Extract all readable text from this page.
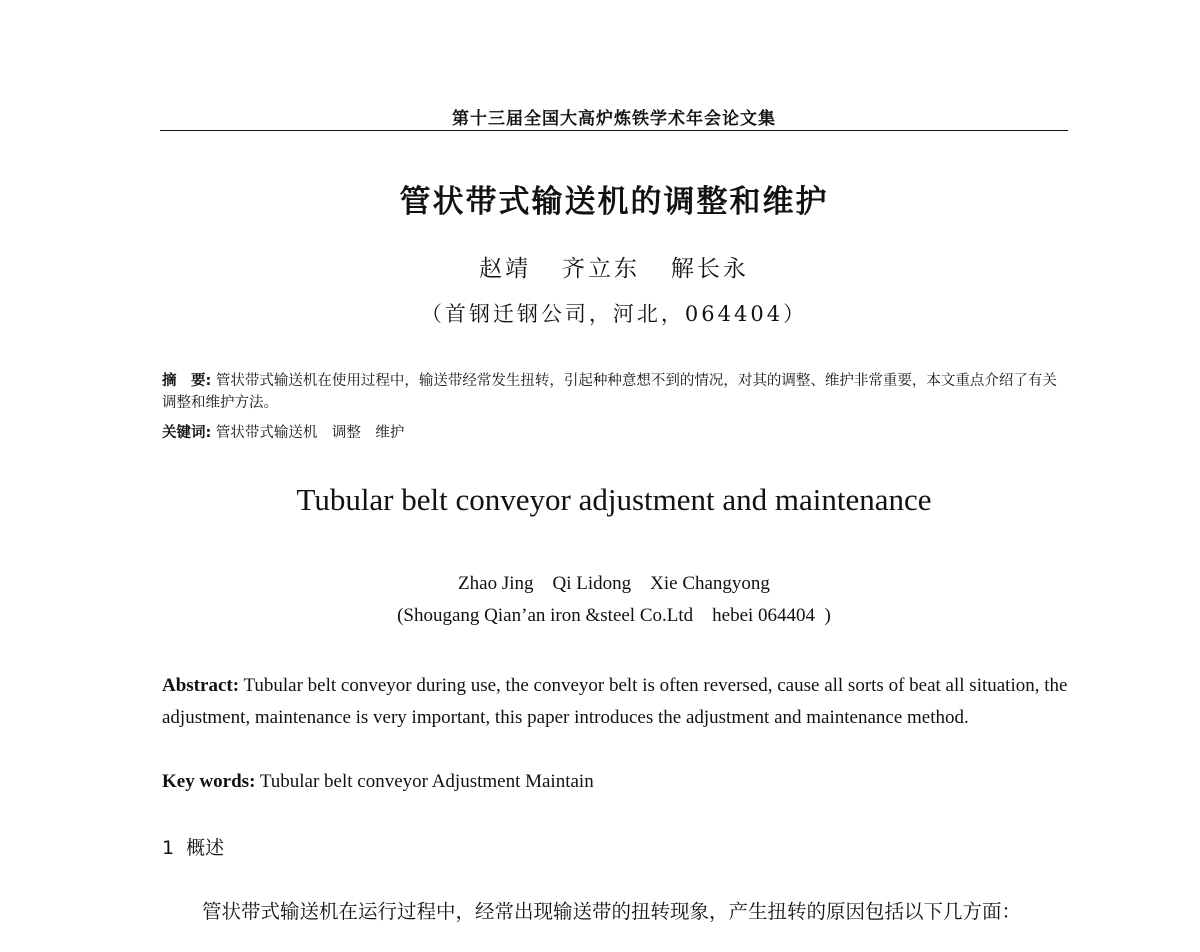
第十三届全国大高炉炼铁学术年会论文集
管状带式输送机的调整和维护
赵靖   齐立东   解长永
（首钢迁钢公司，河北，064404）
摘　要: 管状带式输送机在使用过程中，输送带经常发生扭转，引起种种意想不到的情况，对其的调整、维护非常重要，本文重点介绍了有关调整和维护方法。
关键词: 管状带式输送机　调整　维护
Tubular belt conveyor adjustment and maintenance
Zhao Jing    Qi Lidong    Xie Changyong
(Shougang Qian’an iron &steel Co.Ltd    hebei 064404  )
Abstract: Tubular belt conveyor during use, the conveyor belt is often reversed, cause all sorts of beat all situation, the adjustment, maintenance is very important, this paper introduces the adjustment and maintenance method.
Key words: Tubular belt conveyor Adjustment Maintain
1  概述
管状带式输送机在运行过程中，经常出现输送带的扭转现象，产生扭转的原因包括以下几方面：
